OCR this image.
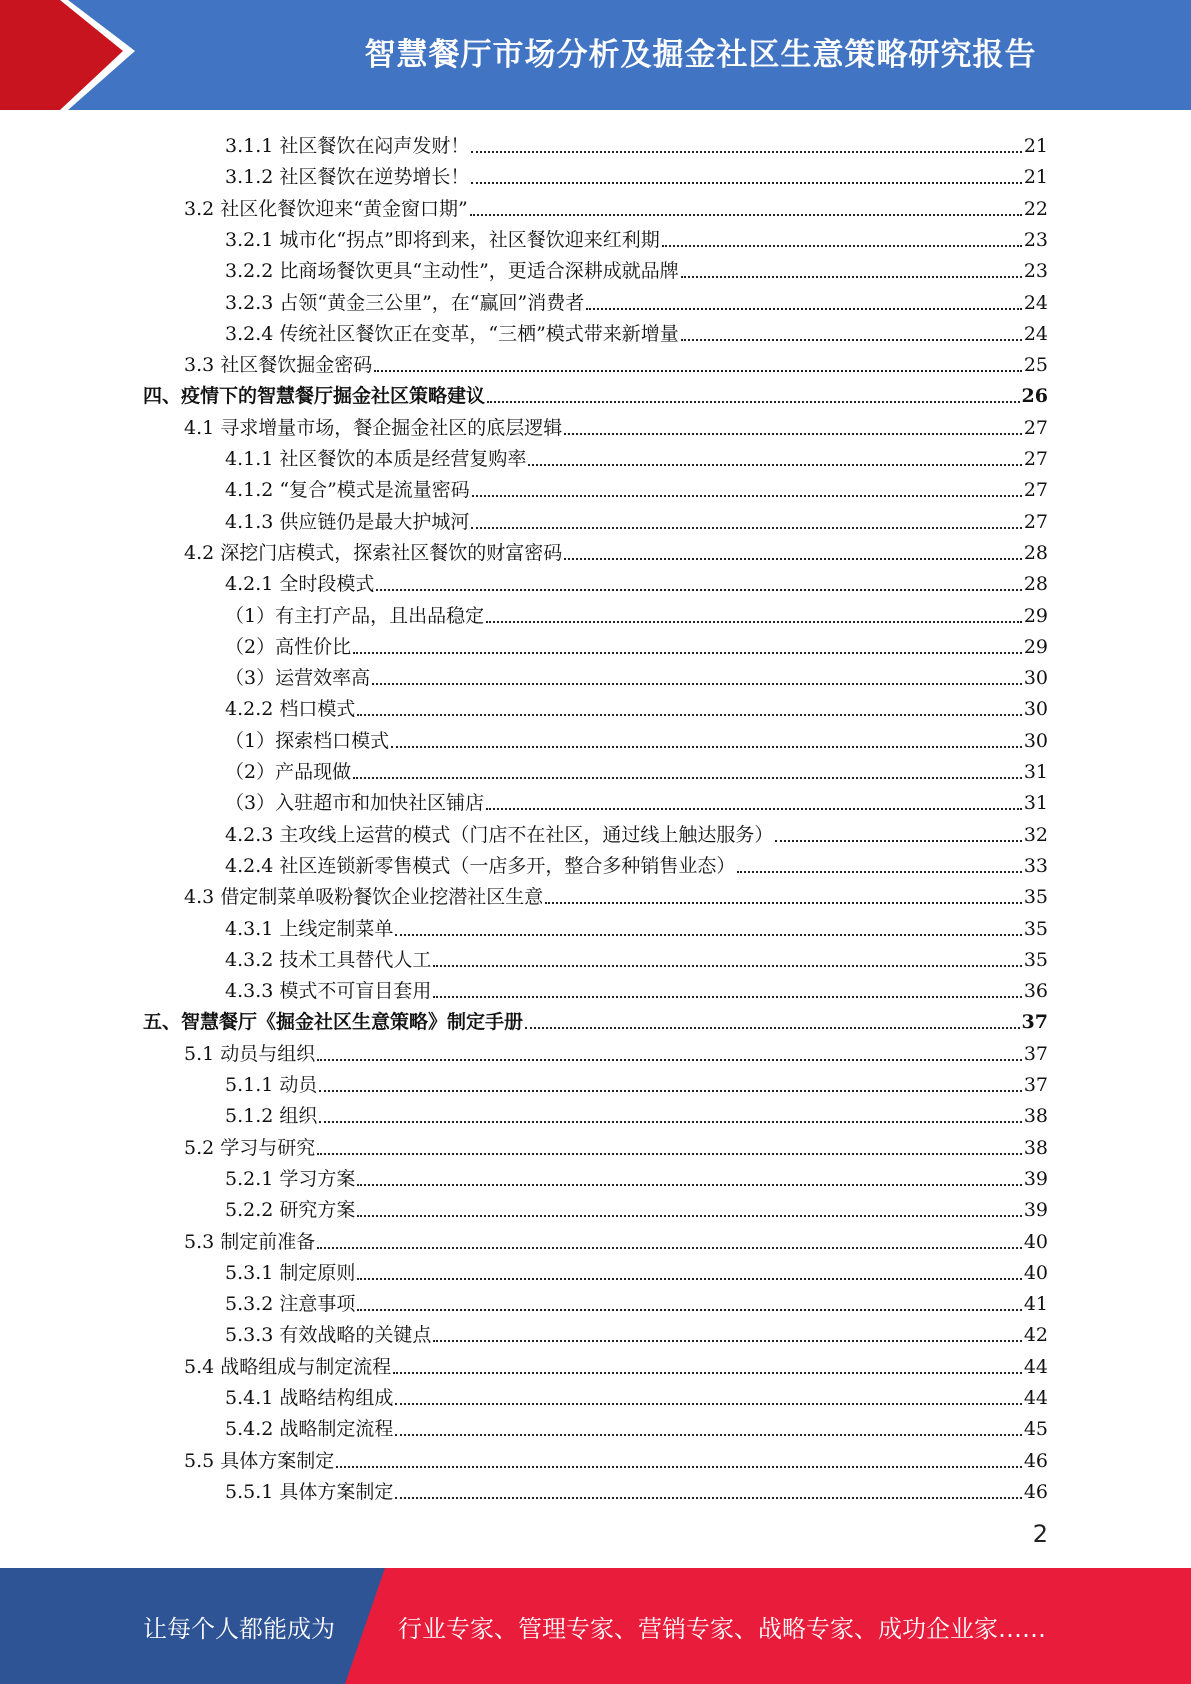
智慧餐厅市场分析及掘金社区生意策略研究报告
3.1.1 社区餐饮在闷声发财！	21
3.1.2 社区餐饮在逆势增长！	21
3.2 社区化餐饮迎来“黄金窗口期”	22
3.2.1 城市化“拐点”即将到来，社区餐饮迎来红利期	23
3.2.2 比商场餐饮更具“主动性”，更适合深耕成就品牌	23
3.2.3 占领“黄金三公里”，在“赢回”消费者	24
3.2.4 传统社区餐饮正在变革，“三栖”模式带来新增量	24
3.3 社区餐饮掘金密码	25
四、疫情下的智慧餐厅掘金社区策略建议	26
4.1 寻求增量市场，餐企掘金社区的底层逻辑	27
4.1.1 社区餐饮的本质是经营复购率	27
4.1.2 “复合”模式是流量密码	27
4.1.3 供应链仍是最大护城河	27
4.2 深挖门店模式，探索社区餐饮的财富密码	28
4.2.1 全时段模式	28
（1）有主打产品，且出品稳定	29
（2）高性价比	29
（3）运营效率高	30
4.2.2 档口模式	30
（1）探索档口模式	30
（2）产品现做	31
（3）入驻超市和加快社区铺店	31
4.2.3 主攻线上运营的模式（门店不在社区，通过线上触达服务）	32
4.2.4 社区连锁新零售模式（一店多开，整合多种销售业态）	33
4.3 借定制菜单吸粉餐饮企业挖潜社区生意	35
4.3.1 上线定制菜单	35
4.3.2 技术工具替代人工	35
4.3.3 模式不可盲目套用	36
五、智慧餐厅《掘金社区生意策略》制定手册	37
5.1 动员与组织	37
5.1.1 动员	37
5.1.2 组织	38
5.2 学习与研究	38
5.2.1 学习方案	39
5.2.2 研究方案	39
5.3 制定前准备	40
5.3.1 制定原则	40
5.3.2 注意事项	41
5.3.3 有效战略的关键点	42
5.4 战略组成与制定流程	44
5.4.1 战略结构组成	44
5.4.2 战略制定流程	45
5.5 具体方案制定	46
5.5.1 具体方案制定	46
2
让每个人都能成为	行业专家、管理专家、营销专家、战略专家、成功企业家……
